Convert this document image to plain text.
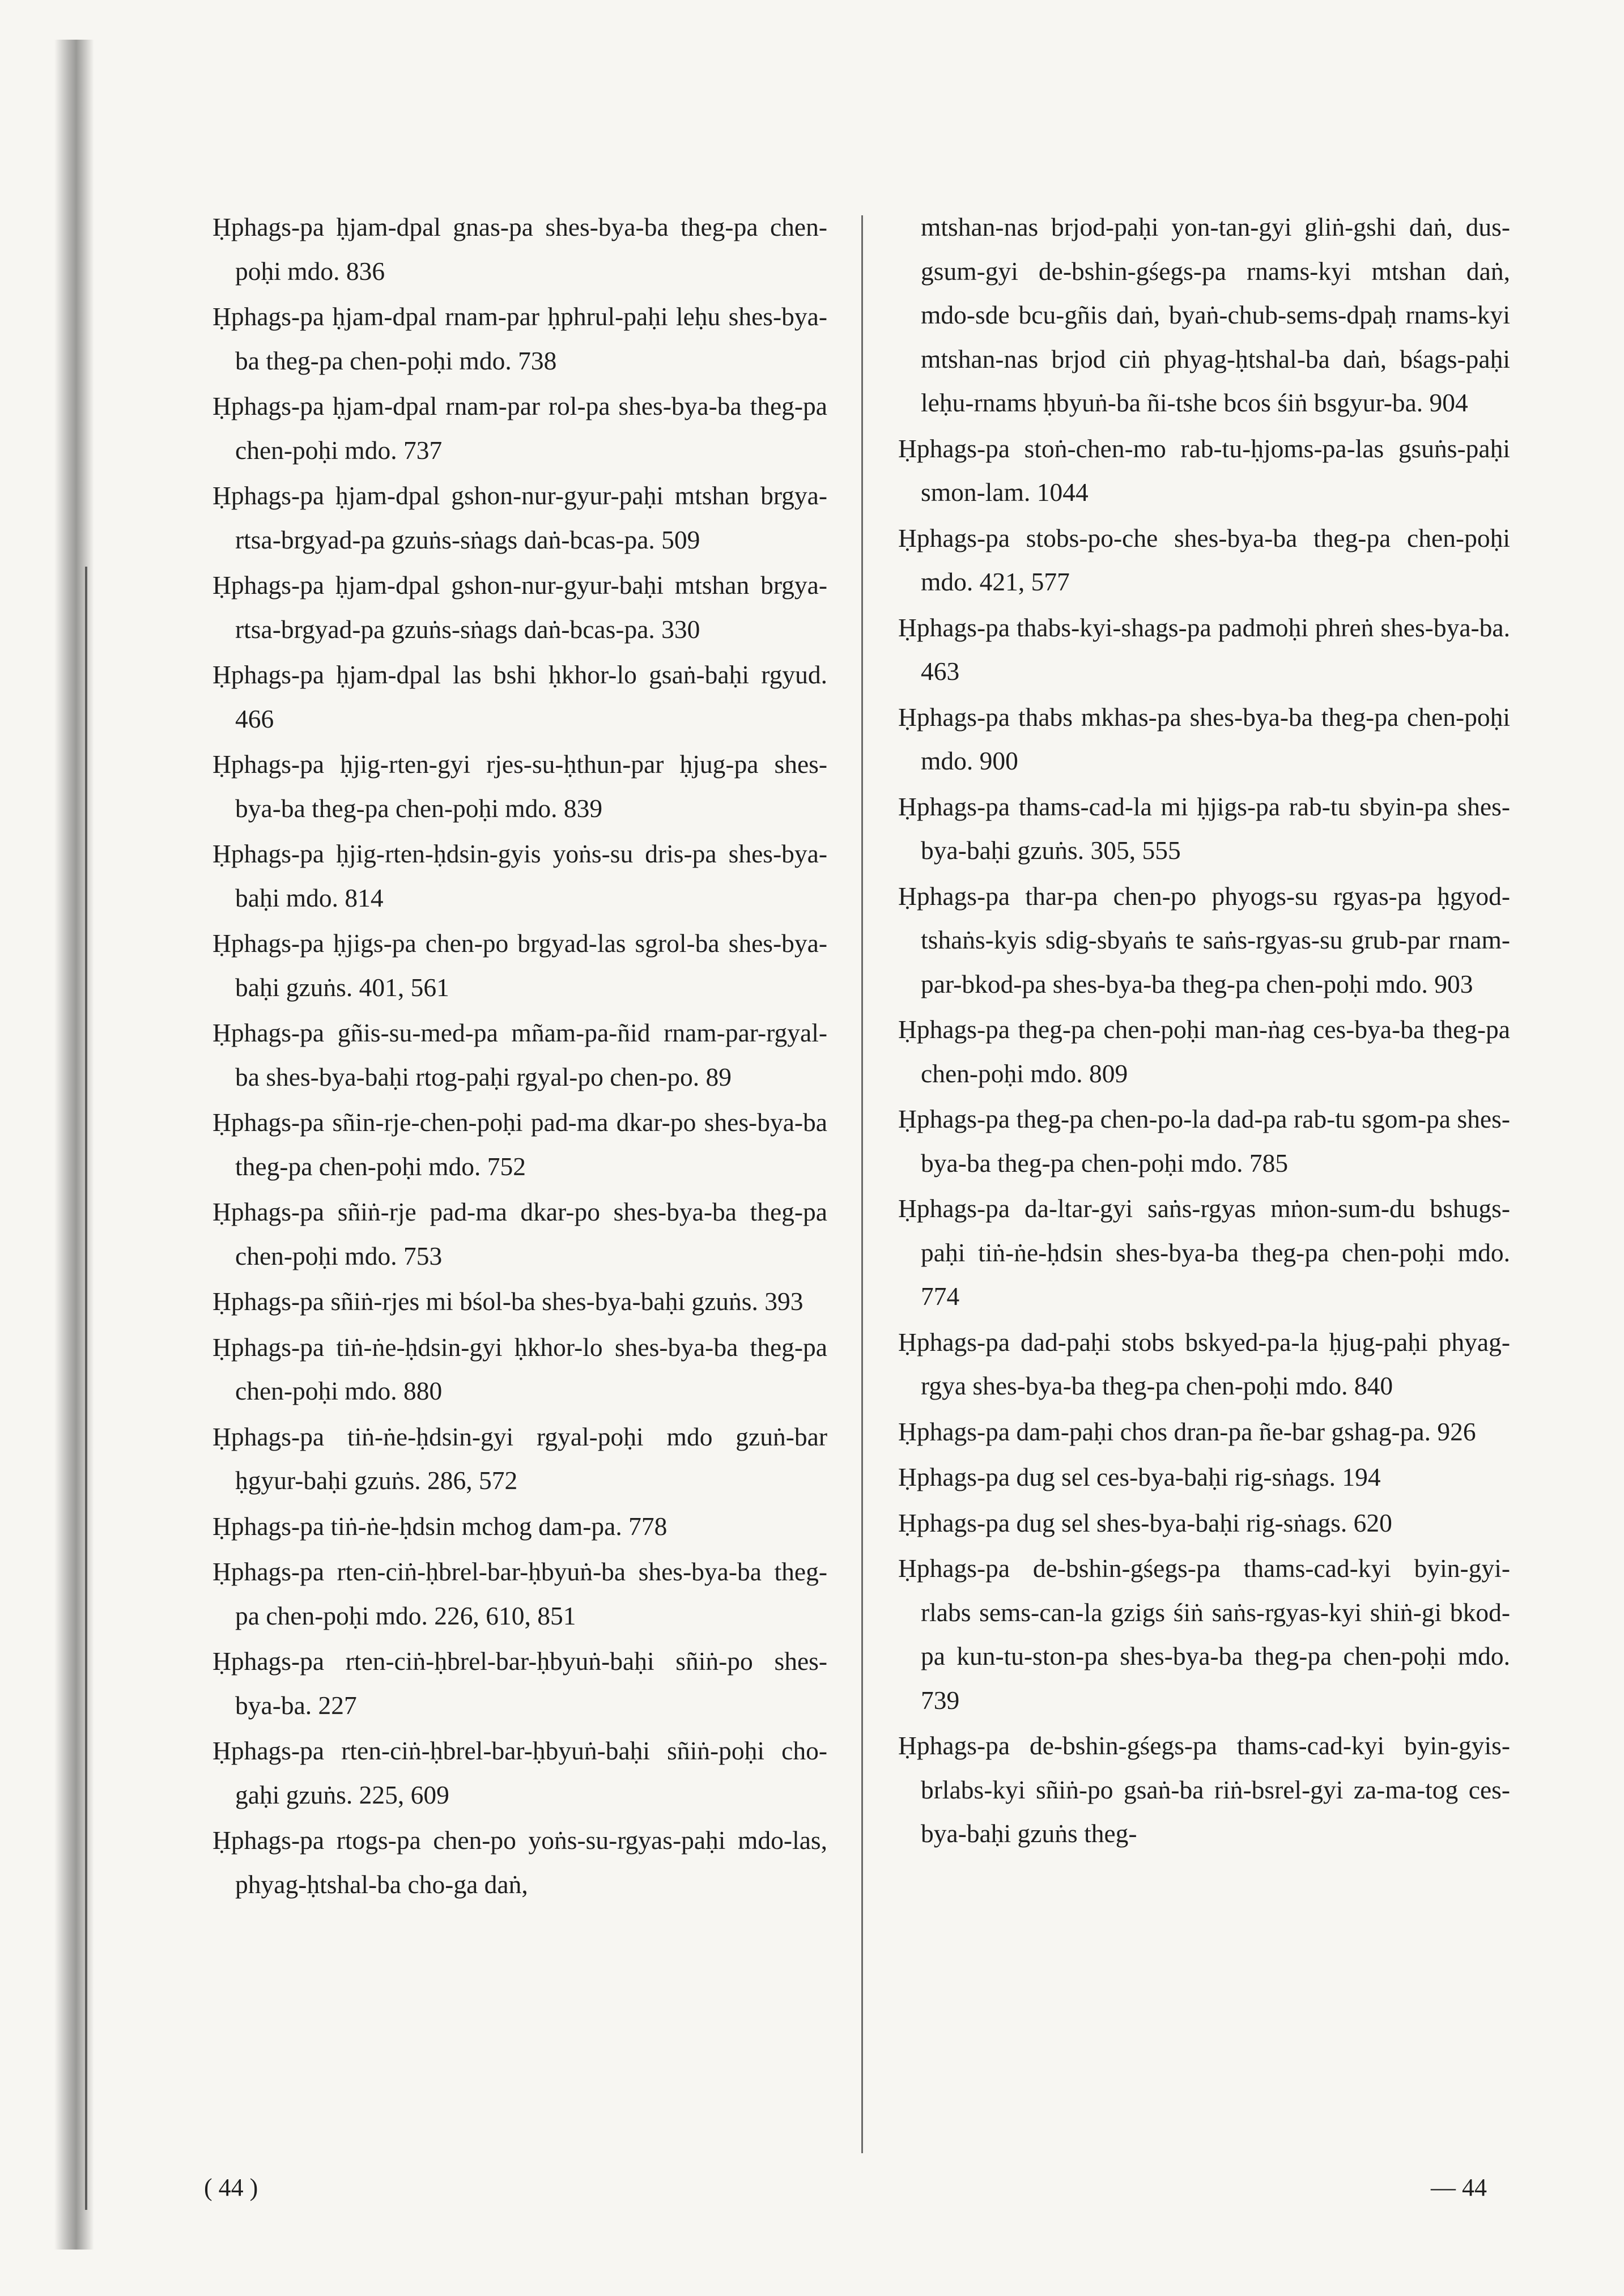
Ḥphags-pa ḥjam-dpal gnas-pa shes-bya-ba theg-pa chen-poḥi mdo. 836

Ḥphags-pa ḥjam-dpal rnam-par ḥphrul-paḥi leḥu shes-bya-ba theg-pa chen-poḥi mdo. 738

Ḥphags-pa ḥjam-dpal rnam-par rol-pa shes-bya-ba theg-pa chen-poḥi mdo. 737

Ḥphags-pa ḥjam-dpal gshon-nur-gyur-paḥi mtshan brgya-rtsa-brgyad-pa gzuṅs-sṅags daṅ-bcas-pa. 509

Ḥphags-pa ḥjam-dpal gshon-nur-gyur-baḥi mtshan brgya-rtsa-brgyad-pa gzuṅs-sṅags daṅ-bcas-pa. 330

Ḥphags-pa ḥjam-dpal las bshi ḥkhor-lo gsaṅ-baḥi rgyud. 466

Ḥphags-pa ḥjig-rten-gyi rjes-su-ḥthun-par ḥjug-pa shes-bya-ba theg-pa chen-poḥi mdo. 839

Ḥphags-pa ḥjig-rten-ḥdsin-gyis yoṅs-su dris-pa shes-bya-baḥi mdo. 814

Ḥphags-pa ḥjigs-pa chen-po brgyad-las sgrol-ba shes-bya-baḥi gzuṅs. 401, 561

Ḥphags-pa gñis-su-med-pa mñam-pa-ñid rnam-par-rgyal-ba shes-bya-baḥi rtog-paḥi rgyal-po chen-po. 89

Ḥphags-pa sñin-rje-chen-poḥi pad-ma dkar-po shes-bya-ba theg-pa chen-poḥi mdo. 752

Ḥphags-pa sñiṅ-rje pad-ma dkar-po shes-bya-ba theg-pa chen-poḥi mdo. 753

Ḥphags-pa sñiṅ-rjes mi bśol-ba shes-bya-baḥi gzuṅs. 393

Ḥphags-pa tiṅ-ṅe-ḥdsin-gyi ḥkhor-lo shes-bya-ba theg-pa chen-poḥi mdo. 880

Ḥphags-pa tiṅ-ṅe-ḥdsin-gyi rgyal-poḥi mdo gzuṅ-bar ḥgyur-baḥi gzuṅs. 286, 572

Ḥphags-pa tiṅ-ṅe-ḥdsin mchog dam-pa. 778

Ḥphags-pa rten-ciṅ-ḥbrel-bar-ḥbyuṅ-ba shes-bya-ba theg-pa chen-poḥi mdo. 226, 610, 851

Ḥphags-pa rten-ciṅ-ḥbrel-bar-ḥbyuṅ-baḥi sñiṅ-po shes-bya-ba. 227

Ḥphags-pa rten-ciṅ-ḥbrel-bar-ḥbyuṅ-baḥi sñiṅ-poḥi cho-gaḥi gzuṅs. 225, 609

Ḥphags-pa rtogs-pa chen-po yoṅs-su-rgyas-paḥi mdo-las, phyag-ḥtshal-ba cho-ga daṅ,

mtshan-nas brjod-paḥi yon-tan-gyi gliṅ-gshi daṅ, dus-gsum-gyi de-bshin-gśegs-pa rnams-kyi mtshan daṅ, mdo-sde bcu-gñis daṅ, byaṅ-chub-sems-dpaḥ rnams-kyi mtshan-nas brjod ciṅ phyag-ḥtshal-ba daṅ, bśags-paḥi leḥu-rnams ḥbyuṅ-ba ñi-tshe bcos śiṅ bsgyur-ba. 904

Ḥphags-pa stoṅ-chen-mo rab-tu-ḥjoms-pa-las gsuṅs-paḥi smon-lam. 1044

Ḥphags-pa stobs-po-che shes-bya-ba theg-pa chen-poḥi mdo. 421, 577

Ḥphags-pa thabs-kyi-shags-pa padmoḥi phreṅ shes-bya-ba. 463

Ḥphags-pa thabs mkhas-pa shes-bya-ba theg-pa chen-poḥi mdo. 900

Ḥphags-pa thams-cad-la mi ḥjigs-pa rab-tu sbyin-pa shes-bya-baḥi gzuṅs. 305, 555

Ḥphags-pa thar-pa chen-po phyogs-su rgyas-pa ḥgyod-tshaṅs-kyis sdig-sbyaṅs te saṅs-rgyas-su grub-par rnam-par-bkod-pa shes-bya-ba theg-pa chen-poḥi mdo. 903

Ḥphags-pa theg-pa chen-poḥi man-ṅag ces-bya-ba theg-pa chen-poḥi mdo. 809

Ḥphags-pa theg-pa chen-po-la dad-pa rab-tu sgom-pa shes-bya-ba theg-pa chen-poḥi mdo. 785

Ḥphags-pa da-ltar-gyi saṅs-rgyas mṅon-sum-du bshugs-paḥi tiṅ-ṅe-ḥdsin shes-bya-ba theg-pa chen-poḥi mdo. 774

Ḥphags-pa dad-paḥi stobs bskyed-pa-la ḥjug-paḥi phyag-rgya shes-bya-ba theg-pa chen-poḥi mdo. 840

Ḥphags-pa dam-paḥi chos dran-pa ñe-bar gshag-pa. 926

Ḥphags-pa dug sel ces-bya-baḥi rig-sṅags. 194

Ḥphags-pa dug sel shes-bya-baḥi rig-sṅags. 620

Ḥphags-pa de-bshin-gśegs-pa thams-cad-kyi byin-gyi-rlabs sems-can-la gzigs śiṅ saṅs-rgyas-kyi shiṅ-gi bkod-pa kun-tu-ston-pa shes-bya-ba theg-pa chen-poḥi mdo. 739

Ḥphags-pa de-bshin-gśegs-pa thams-cad-kyi byin-gyis-brlabs-kyi sñiṅ-po gsaṅ-ba riṅ-bsrel-gyi za-ma-tog ces-bya-baḥi gzuṅs theg-

( 44 )	— 44
